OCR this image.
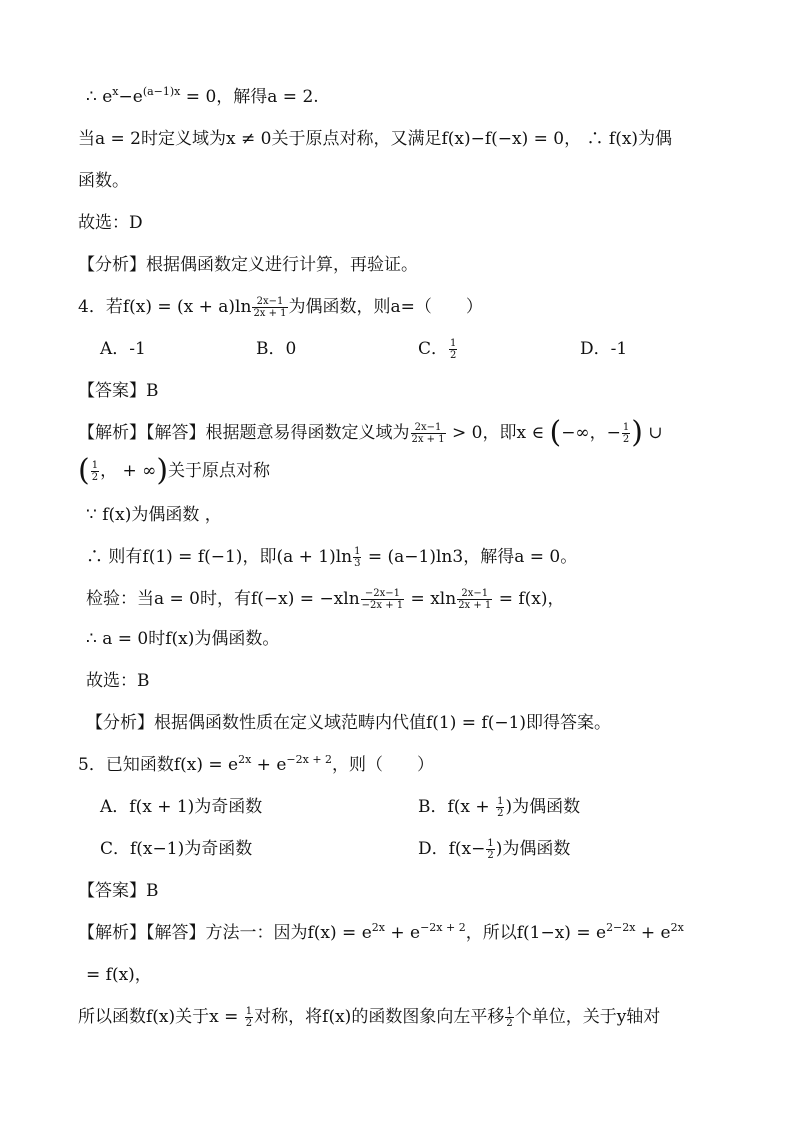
∴ $e^x-e^{(a-1)x} = 0$，解得a = 2.
当a = 2时定义域为x ≠ 0关于原点对称，又满足f(x)−f(−x) = 0， ∴ f(x)为偶
函数。
故选：D
【分析】根据偶函数定义进行计算，再验证。
4．若$f(x) = (x + a)\ln \frac{2x-1}{2x + 1}$ 为偶函数，则a=（　　）
A．-1	B．0	C． $\frac{1}{2}$	D．-1
【答案】B
【解析】【解答】根据题意易得函数定义域为 $\frac{2x-1}{2x + 1} > 0$，即x ∈ (−∞，− $\frac{1}{2}$ ) ∪
( $\frac{1}{2}$ ， + ∞)关于原点对称
∵ f(x)为偶函数 ，
∴ 则有f(1) = f(−1)，即$(a + 1)\ln \frac{1}{3} = (a-1)\ln 3$，解得a = 0。
检验：当a = 0时，有$f(-x) = -xln \frac{-2x-1}{-2x + 1} = xln \frac{2x-1}{2x + 1} = f(x)$，
∴ a = 0时f(x)为偶函数。
故选：B
【分析】根据偶函数性质在定义域范畴内代值f(1) = f(−1)即得答案。
5．已知函数$f(x) = e^{2x} + e^{-2x + 2}$，则（　　）
A．f(x + 1)为奇函数	B．$f(x + \frac{1}{2}$ )为偶函数
C．f(x−1)为奇函数	D．$f(x- \frac{1}{2}$ )为偶函数
【答案】B
【解析】【解答】方法一：因为$f(x) = e^{2x} + e^{-2x + 2}$，所以$f(1-x) = e^{2-2x} + e^{2x}$
= f(x)，
所以函数f(x)关于$x = \frac{1}{2}$ 对称，将f(x)的函数图象向左平移 $\frac{1}{2}$ 个单位，关于y轴对
